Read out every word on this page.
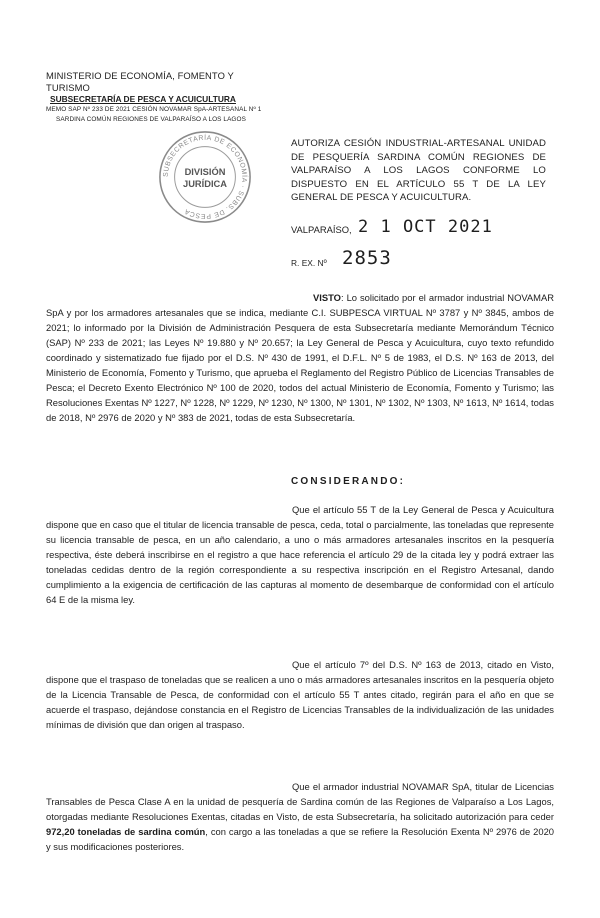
MINISTERIO DE ECONOMÍA, FOMENTO Y TURISMO
SUBSECRETARÍA DE PESCA Y ACUICULTURA
MEMO SAP Nº 233 DE 2021 CESIÓN NOVAMAR SpA-ARTESANAL Nº 1
SARDINA COMÚN REGIONES DE VALPARAÍSO A LOS LAGOS
SUBSECRETARÍA DE ECONOMÍA · SUBS. DE PESCA
DIVISIÓN
JURÍDICA
AUTORIZA CESIÓN INDUSTRIAL-ARTESANAL UNIDAD DE PESQUERÍA SARDINA COMÚN REGIONES DE VALPARAÍSO A LOS LAGOS CONFORME LO DISPUESTO EN EL ARTÍCULO 55 T DE LA LEY GENERAL DE PESCA Y ACUICULTURA.
VALPARAÍSO, 2 1 OCT 2021
R. EX. Nº 2853
VISTO: Lo solicitado por el armador industrial NOVAMAR SpA y por los armadores artesanales que se indica, mediante C.I. SUBPESCA VIRTUAL Nº 3787 y Nº 3845, ambos de 2021; lo informado por la División de Administración Pesquera de esta Subsecretaría mediante Memorándum Técnico (SAP) Nº 233 de 2021; las Leyes Nº 19.880 y Nº 20.657; la Ley General de Pesca y Acuicultura, cuyo texto refundido coordinado y sistematizado fue fijado por el D.S. Nº 430 de 1991, el D.F.L. Nº 5 de 1983, el D.S. Nº 163 de 2013, del Ministerio de Economía, Fomento y Turismo, que aprueba el Reglamento del Registro Público de Licencias Transables de Pesca; el Decreto Exento Electrónico Nº 100 de 2020, todos del actual Ministerio de Economía, Fomento y Turismo; las Resoluciones Exentas Nº 1227, Nº 1228, Nº 1229, Nº 1230, Nº 1300, Nº 1301, Nº 1302, Nº 1303, Nº 1613, Nº 1614, todas de 2018, Nº 2976 de 2020 y Nº 383 de 2021, todas de esta Subsecretaría.
CONSIDERANDO:
Que el artículo 55 T de la Ley General de Pesca y Acuicultura dispone que en caso que el titular de licencia transable de pesca, ceda, total o parcialmente, las toneladas que represente su licencia transable de pesca, en un año calendario, a uno o más armadores artesanales inscritos en la pesquería respectiva, éste deberá inscribirse en el registro a que hace referencia el artículo 29 de la citada ley y podrá extraer las toneladas cedidas dentro de la región correspondiente a su respectiva inscripción en el Registro Artesanal, dando cumplimiento a la exigencia de certificación de las capturas al momento de desembarque de conformidad con el artículo 64 E de la misma ley.
Que el artículo 7º del D.S. Nº 163 de 2013, citado en Visto, dispone que el traspaso de toneladas que se realicen a uno o más armadores artesanales inscritos en la pesquería objeto de la Licencia Transable de Pesca, de conformidad con el artículo 55 T antes citado, regirán para el año en que se acuerde el traspaso, dejándose constancia en el Registro de Licencias Transables de la individualización de las unidades mínimas de división que dan origen al traspaso.
Que el armador industrial NOVAMAR SpA, titular de Licencias Transables de Pesca Clase A en la unidad de pesquería de Sardina común de las Regiones de Valparaíso a Los Lagos, otorgadas mediante Resoluciones Exentas, citadas en Visto, de esta Subsecretaría, ha solicitado autorización para ceder 972,20 toneladas de sardina común, con cargo a las toneladas a que se refiere la Resolución Exenta Nº 2976 de 2020 y sus modificaciones posteriores.
